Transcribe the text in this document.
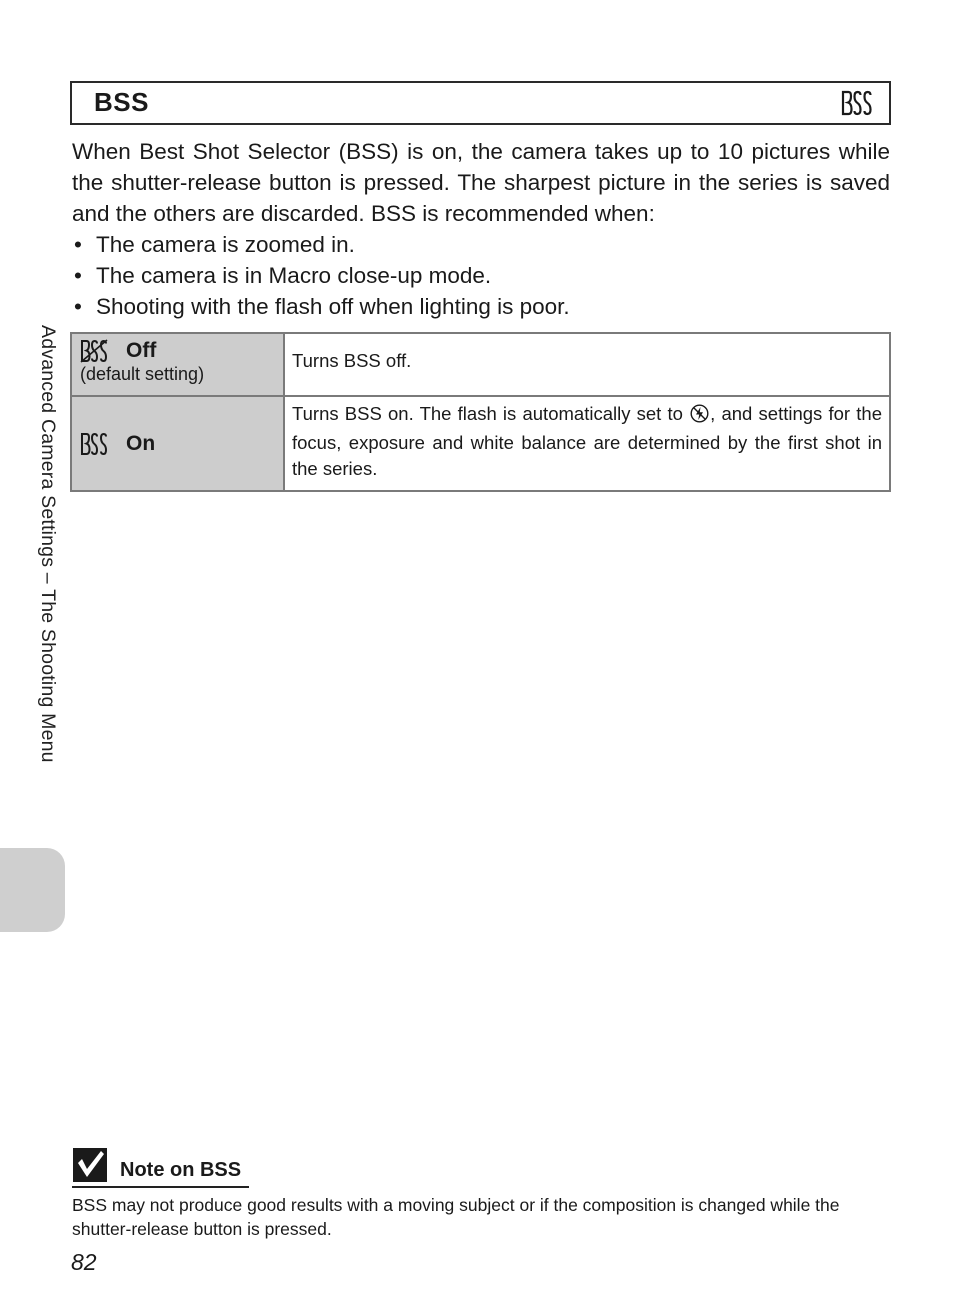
BSS

When Best Shot Selector (BSS) is on, the camera takes up to 10 pictures while the shutter-release button is pressed. The sharpest picture in the series is saved and the others are discarded. BSS is recommended when:

• The camera is zoomed in.
• The camera is in Macro close-up mode.
• Shooting with the flash off when lighting is poor.
Off
(default setting)	Turns BSS off.

On	Turns BSS on. The flash is automatically set to , and settings for the focus, exposure and white balance are determined by the first shot in the series.
Advanced Camera Settings – The Shooting Menu
Note on BSS
BSS may not produce good results with a moving subject or if the composition is changed while the shutter-release button is pressed.
82
